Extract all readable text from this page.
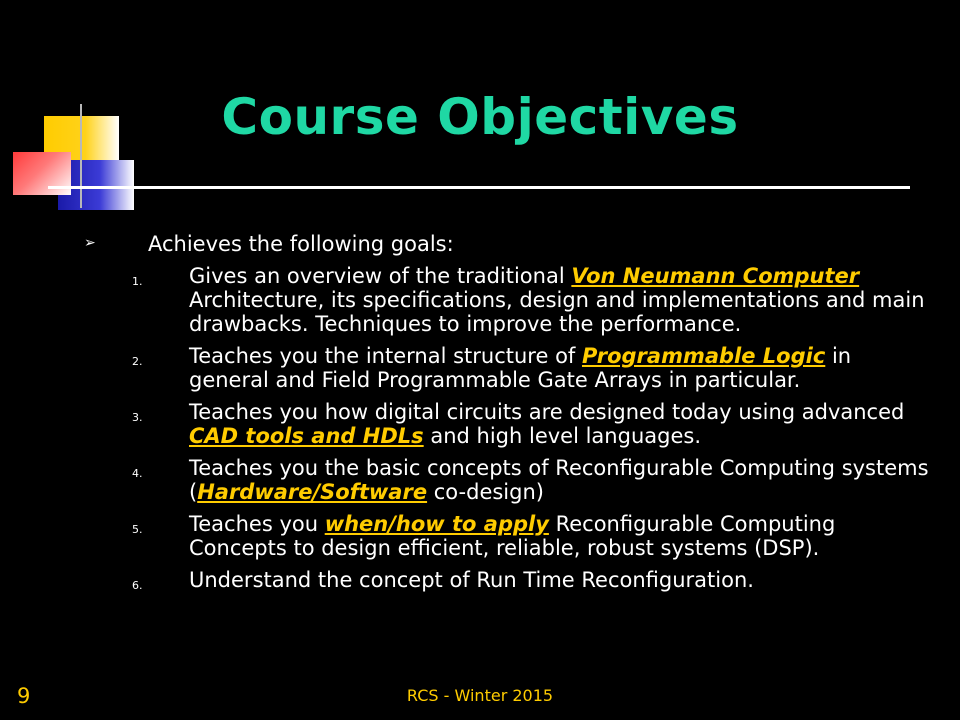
Course Objectives
➢ Achieves the following goals:
1. Gives an overview of the traditional Von Neumann Computer Architecture, its specifications, design and implementations and main drawbacks. Techniques to improve the performance.
2. Teaches you the internal structure of Programmable Logic in general and Field Programmable Gate Arrays in particular.
3. Teaches you how digital circuits are designed today using advanced CAD tools and HDLs and high level languages.
4. Teaches you the basic concepts of Reconfigurable Computing systems (Hardware/Software co-design)
5. Teaches you when/how to apply Reconfigurable Computing Concepts to design efficient, reliable, robust systems (DSP).
6. Understand the concept of Run Time Reconfiguration.
9	RCS - Winter 2015
